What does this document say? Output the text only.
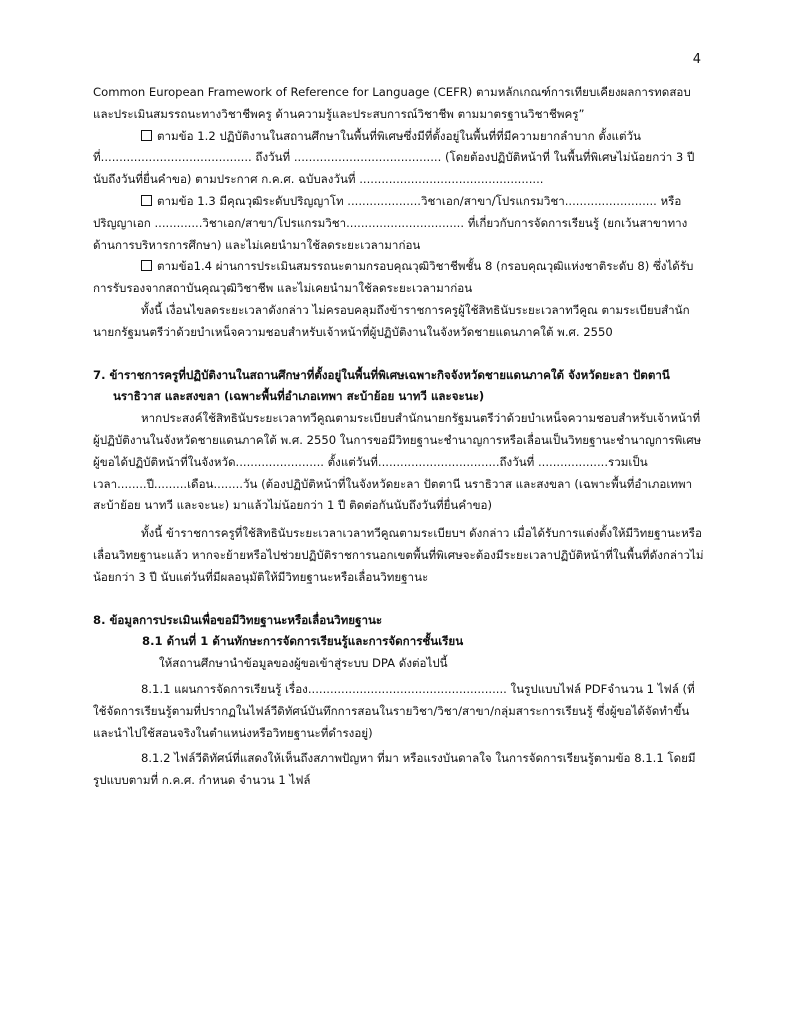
4

Common European Framework of Reference for Language (CEFR) ตามหลักเกณฑ์การเทียบเคียงผลการทดสอบและประเมินสมรรถนะทางวิชาชีพครู ด้านความรู้และประสบการณ์วิชาชีพ ตามมาตรฐานวิชาชีพครู”

ตามข้อ 1.2 ปฏิบัติงานในสถานศึกษาในพื้นที่พิเศษซึ่งมีที่ตั้งอยู่ในพื้นที่ที่มีความยากลำบาก ตั้งแต่วันที่......................................... ถึงวันที่ ........................................ (โดยต้องปฏิบัติหน้าที่ ในพื้นที่พิเศษไม่น้อยกว่า 3 ปี นับถึงวันที่ยื่นคำขอ) ตามประกาศ ก.ค.ศ. ฉบับลงวันที่ ..................................................

ตามข้อ 1.3 มีคุณวุฒิระดับปริญญาโท ....................วิชาเอก/สาขา/โปรแกรมวิชา......................... หรือปริญญาเอก .............วิชาเอก/สาขา/โปรแกรมวิชา................................ ที่เกี่ยวกับการจัดการเรียนรู้ (ยกเว้นสาขาทางด้านการบริหารการศึกษา) และไม่เคยนำมาใช้ลดระยะเวลามาก่อน

ตามข้อ1.4 ผ่านการประเมินสมรรถนะตามกรอบคุณวุฒิวิชาชีพชั้น 8 (กรอบคุณวุฒิแห่งชาติระดับ 8) ซึ่งได้รับการรับรองจากสถาบันคุณวุฒิวิชาชีพ และไม่เคยนำมาใช้ลดระยะเวลามาก่อน

ทั้งนี้ เงื่อนไขลดระยะเวลาดังกล่าว ไม่ครอบคลุมถึงข้าราชการครูผู้ใช้สิทธินับระยะเวลาทวีคูณ ตามระเบียบสำนักนายกรัฐมนตรีว่าด้วยบำเหน็จความชอบสำหรับเจ้าหน้าที่ผู้ปฏิบัติงานในจังหวัดชายแดนภาคใต้ พ.ศ. 2550

7. ข้าราชการครูที่ปฏิบัติงานในสถานศึกษาที่ตั้งอยู่ในพื้นที่พิเศษเฉพาะกิจจังหวัดชายแดนภาคใต้ จังหวัดยะลา ปัตตานี นราธิวาส และสงขลา (เฉพาะพื้นที่อำเภอเทพา สะบ้าย้อย นาทวี และจะนะ)

หากประสงค์ใช้สิทธินับระยะเวลาทวีคูณตามระเบียบสำนักนายกรัฐมนตรีว่าด้วยบำเหน็จความชอบสำหรับเจ้าหน้าที่ผู้ปฏิบัติงานในจังหวัดชายแดนภาคใต้ พ.ศ. 2550 ในการขอมีวิทยฐานะชำนาญการหรือเลื่อนเป็นวิทยฐานะชำนาญการพิเศษ ผู้ขอได้ปฏิบัติหน้าที่ในจังหวัด........................ ตั้งแต่วันที่.................................ถึงวันที่ ...................รวมเป็นเวลา........ปี.........เดือน........วัน (ต้องปฏิบัติหน้าที่ในจังหวัดยะลา ปัตตานี นราธิวาส และสงขลา (เฉพาะพื้นที่อำเภอเทพา สะบ้าย้อย นาทวี และจะนะ) มาแล้วไม่น้อยกว่า 1 ปี ติดต่อกันนับถึงวันที่ยื่นคำขอ)

ทั้งนี้ ข้าราชการครูที่ใช้สิทธินับระยะเวลาเวลาทวีคูณตามระเบียบฯ ดังกล่าว เมื่อได้รับการแต่งตั้งให้มีวิทยฐานะหรือเลื่อนวิทยฐานะแล้ว หากจะย้ายหรือไปช่วยปฏิบัติราชการนอกเขตพื้นที่พิเศษจะต้องมีระยะเวลาปฏิบัติหน้าที่ในพื้นที่ดังกล่าวไม่น้อยกว่า 3 ปี นับแต่วันที่มีผลอนุมัติให้มีวิทยฐานะหรือเลื่อนวิทยฐานะ

8. ข้อมูลการประเมินเพื่อขอมีวิทยฐานะหรือเลื่อนวิทยฐานะ

8.1 ด้านที่ 1 ด้านทักษะการจัดการเรียนรู้และการจัดการชั้นเรียน

ให้สถานศึกษานำข้อมูลของผู้ขอเข้าสู่ระบบ DPA ดังต่อไปนี้

8.1.1 แผนการจัดการเรียนรู้ เรื่อง...................................................... ในรูปแบบไฟล์ PDFจำนวน 1 ไฟล์ (ที่ใช้จัดการเรียนรู้ตามที่ปรากฏในไฟล์วีดิทัศน์บันทึกการสอนในรายวิชา/วิชา/สาขา/กลุ่มสาระการเรียนรู้ ซึ่งผู้ขอได้จัดทำขึ้นและนำไปใช้สอนจริงในตำแหน่งหรือวิทยฐานะที่ดำรงอยู่)

8.1.2 ไฟล์วีดิทัศน์ที่แสดงให้เห็นถึงสภาพปัญหา ที่มา หรือแรงบันดาลใจ ในการจัดการเรียนรู้ตามข้อ 8.1.1 โดยมีรูปแบบตามที่ ก.ค.ศ. กำหนด จำนวน 1 ไฟล์
